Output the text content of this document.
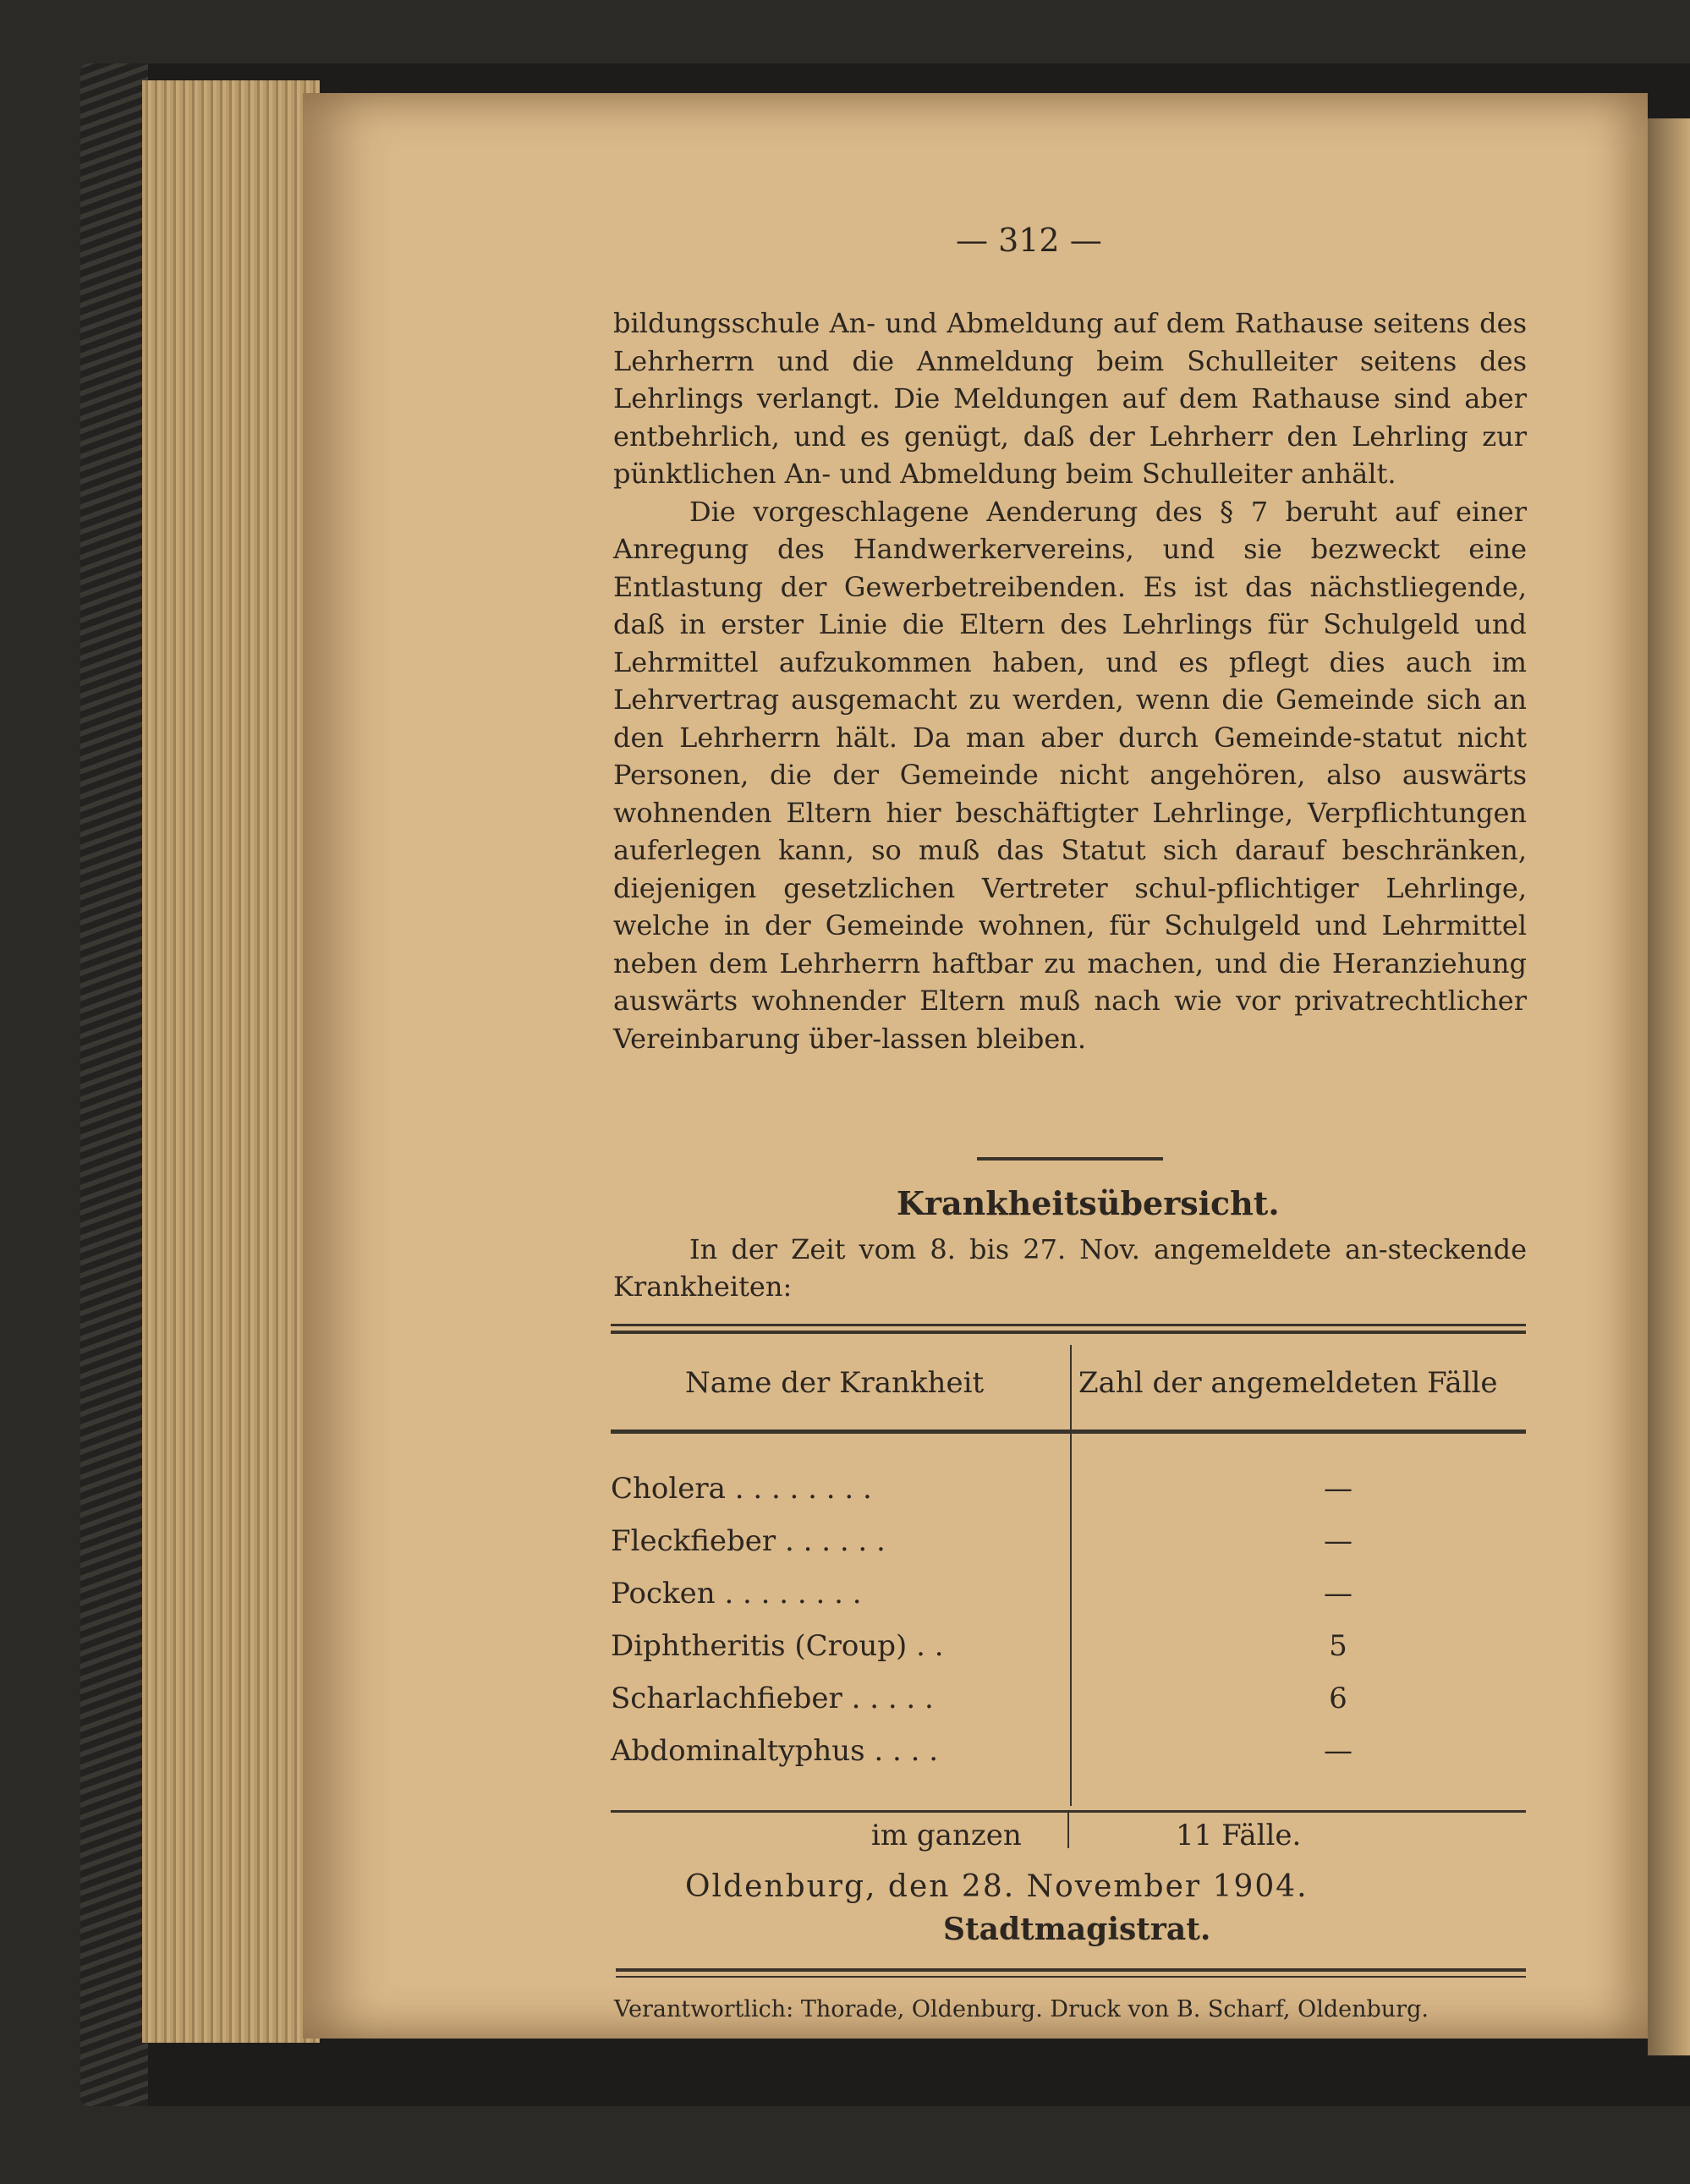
— 312 —

bildungsschule An- und Abmeldung auf dem Rathause seitens des Lehrherrn und die Anmeldung beim Schulleiter seitens des Lehrlings verlangt. Die Meldungen auf dem Rathause sind aber entbehrlich, und es genügt, daß der Lehrherr den Lehrling zur pünktlichen An- und Abmeldung beim Schulleiter anhält.

Die vorgeschlagene Aenderung des § 7 beruht auf einer Anregung des Handwerkervereins, und sie bezweckt eine Entlastung der Gewerbetreibenden. Es ist das nächstliegende, daß in erster Linie die Eltern des Lehrlings für Schulgeld und Lehrmittel aufzukommen haben, und es pflegt dies auch im Lehrvertrag ausgemacht zu werden, wenn die Gemeinde sich an den Lehrherrn hält. Da man aber durch Gemeinde-statut nicht Personen, die der Gemeinde nicht angehören, also auswärts wohnenden Eltern hier beschäftigter Lehrlinge, Verpflichtungen auferlegen kann, so muß das Statut sich darauf beschränken, diejenigen gesetzlichen Vertreter schul-pflichtiger Lehrlinge, welche in der Gemeinde wohnen, für Schulgeld und Lehrmittel neben dem Lehrherrn haftbar zu machen, und die Heranziehung auswärts wohnender Eltern muß nach wie vor privatrechtlicher Vereinbarung über-lassen bleiben.

Krankheitsübersicht.
In der Zeit vom 8. bis 27. Nov. angemeldete an-steckende Krankheiten:
Name der Krankheit	Zahl der angemeldeten Fälle
Cholera . . . . . . . .	—
Fleckfieber . . . . . .	—
Pocken . . . . . . . .	—
Diphtheritis (Croup) . .	5
Scharlachfieber . . . . .	6
Abdominaltyphus . . . .	—
im ganzen	11 Fälle.
Oldenburg, den 28. November 1904.
Stadtmagistrat.
Verantwortlich: Thorade, Oldenburg. Druck von B. Scharf, Oldenburg.
